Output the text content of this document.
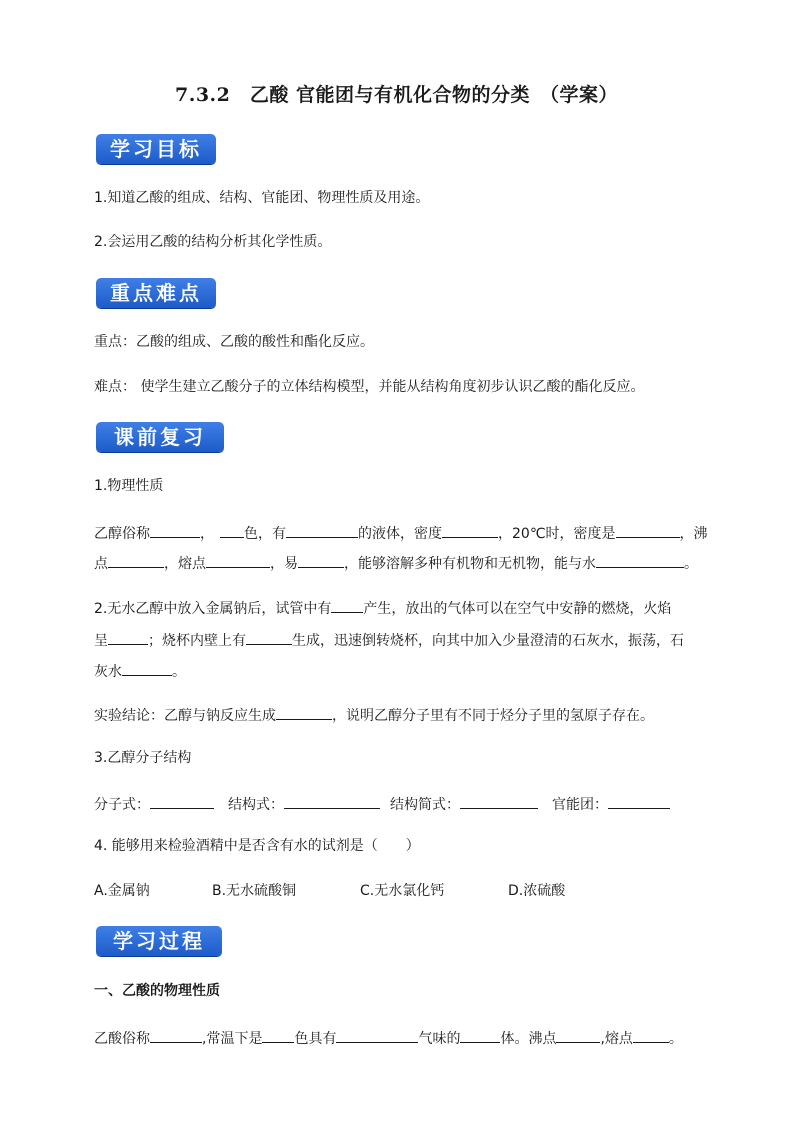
7.3.2　乙酸 官能团与有机化合物的分类　（学案）
学习目标
1.知道乙酸的组成、结构、官能团、物理性质及用途。
2.会运用乙酸的结构分析其化学性质。
重点难点
重点：乙酸的组成、乙酸的酸性和酯化反应。
难点： 使学生建立乙酸分子的立体结构模型，并能从结构角度初步认识乙酸的酯化反应。
课前复习
1.物理性质
乙醇俗称	， 色，有	的液体，密度	，20℃时，密度是	，沸
点	，熔点	，易	，能够溶解多种有机物和无机物，能与水	。
2.无水乙醇中放入金属钠后，试管中有 产生，放出的气体可以在空气中安静的燃烧，火焰
呈	；烧杯内壁上有	生成，迅速倒转烧杯，向其中加入少量澄清的石灰水，振荡，石
灰水	。
实验结论：乙醇与钠反应生成	，说明乙醇分子里有不同于烃分子里的氢原子存在。
3.乙醇分子结构
分子式：	结构式：	结构简式：	官能团：
4. 能够用来检验酒精中是否含有水的试剂是（　　）
A.金属钠	B.无水硫酸铜	C.无水氯化钙	D.浓硫酸
学习过程
一、乙酸的物理性质
乙酸俗称	,常温下是 色具有	气味的	体。沸点	,熔点	。
